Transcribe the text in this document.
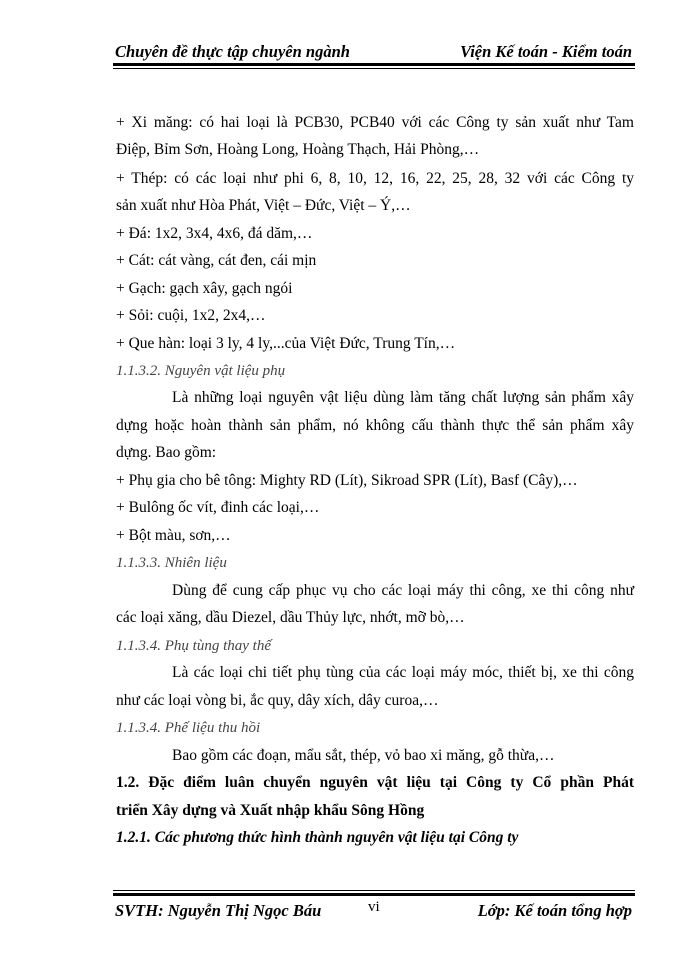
Chuyên đề thực tập chuyên ngành	Viện Kế toán - Kiểm toán
+ Xi măng: có hai loại là PCB30, PCB40 với các Công ty sản xuất như Tam
Điệp, Bỉm Sơn, Hoàng Long, Hoàng Thạch, Hải Phòng,…
+ Thép: có các loại như phi 6, 8, 10, 12, 16, 22, 25, 28, 32 với các Công ty
sản xuất như Hòa Phát, Việt – Đức, Việt – Ý,…
+ Đá: 1x2, 3x4, 4x6, đá dăm,…
+ Cát: cát vàng, cát đen, cái mịn
+ Gạch: gạch xây, gạch ngói
+ Sỏi: cuội, 1x2, 2x4,…
+ Que hàn: loại 3 ly, 4 ly,...của Việt Đức, Trung Tín,…
1.1.3.2. Nguyên vật liệu phụ
Là những loại nguyên vật liệu dùng làm tăng chất lượng sản phẩm xây
dựng hoặc hoàn thành sản phẩm, nó không cấu thành thực thể sản phẩm xây
dựng. Bao gồm:
+ Phụ gia cho bê tông: Mighty RD (Lít), Sikroad SPR (Lít), Basf (Cây),…
+ Bulông ốc vít, đinh các loại,…
+ Bột màu, sơn,…
1.1.3.3. Nhiên liệu
Dùng để cung cấp phục vụ cho các loại máy thi công, xe thi công như
các loại xăng, dầu Diezel, dầu Thủy lực, nhớt, mỡ bò,…
1.1.3.4. Phụ tùng thay thế
Là các loại chi tiết phụ tùng của các loại máy móc, thiết bị, xe thi công
như các loại vòng bi, ắc quy, dây xích, dây curoa,…
1.1.3.4. Phế liệu thu hồi
Bao gồm các đoạn, mẩu sắt, thép, vỏ bao xi măng, gỗ thừa,…
1.2. Đặc điểm luân chuyển nguyên vật liệu tại Công ty Cổ phần Phát
triển Xây dựng và Xuất nhập khẩu Sông Hồng
1.2.1. Các phương thức hình thành nguyên vật liệu tại Công ty
SVTH: Nguyễn Thị Ngọc Báu	vi	Lớp: Kế toán tổng hợp
